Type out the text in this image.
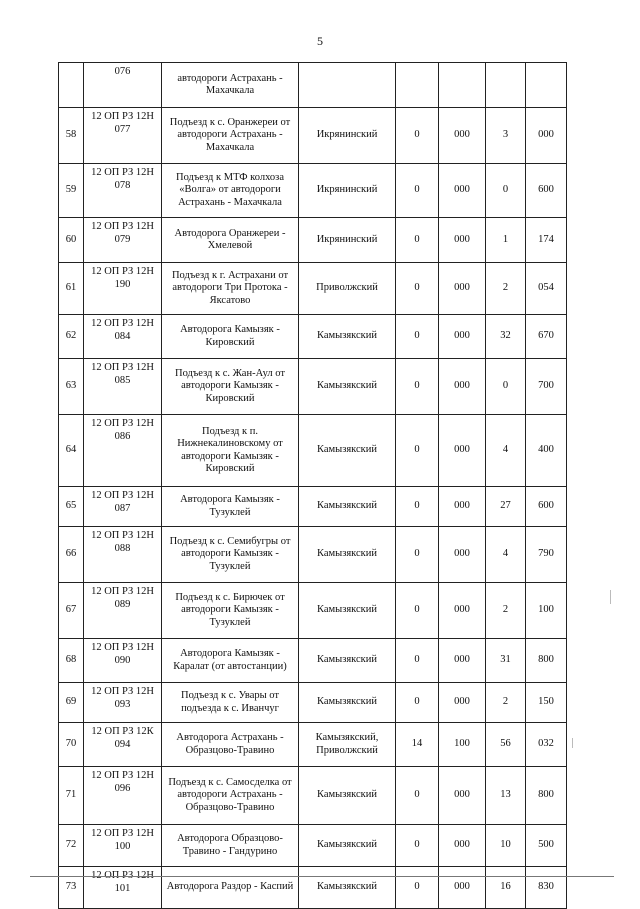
5
	076	автодороги Астрахань - Махачкала					
58	12 ОП РЗ 12Н 077	Подъезд к с. Оранжереи от автодороги Астрахань - Махачкала	Икрянинский	0	000	3	000
59	12 ОП РЗ 12Н 078	Подъезд к МТФ колхоза «Волга» от автодороги Астрахань - Махачкала	Икрянинский	0	000	0	600
60	12 ОП РЗ 12Н 079	Автодорога Оранжереи - Хмелевой	Икрянинский	0	000	1	174
61	12 ОП РЗ 12Н 190	Подъезд к г. Астрахани от автодороги Три Протока - Яксатово	Приволжский	0	000	2	054
62	12 ОП РЗ 12Н 084	Автодорога Камызяк - Кировский	Камызякский	0	000	32	670
63	12 ОП РЗ 12Н 085	Подъезд к с. Жан-Аул от автодороги Камызяк - Кировский	Камызякский	0	000	0	700
64	12 ОП РЗ 12Н 086	Подъезд к п. Нижнекалиновскому от автодороги Камызяк - Кировский	Камызякский	0	000	4	400
65	12 ОП РЗ 12Н 087	Автодорога Камызяк - Тузуклей	Камызякский	0	000	27	600
66	12 ОП РЗ 12Н 088	Подъезд к с. Семибугры от автодороги Камызяк - Тузуклей	Камызякский	0	000	4	790
67	12 ОП РЗ 12Н 089	Подъезд к с. Бирючек от автодороги Камызяк - Тузуклей	Камызякский	0	000	2	100
68	12 ОП РЗ 12Н 090	Автодорога Камызяк - Каралат (от автостанции)	Камызякский	0	000	31	800
69	12 ОП РЗ 12Н 093	Подъезд к с. Увары от подъезда к с. Иванчуг	Камызякский	0	000	2	150
70	12 ОП РЗ 12К 094	Автодорога Астрахань - Образцово-Травино	Камызякский, Приволжский	14	100	56	032
71	12 ОП РЗ 12Н 096	Подъезд к с. Самосделка от автодороги Астрахань - Образцово-Травино	Камызякский	0	000	13	800
72	12 ОП РЗ 12Н 100	Автодорога Образцово-Травино - Гандурино	Камызякский	0	000	10	500
73	101	Автодорога Раздор - Каспий	Камызякский	0	000	16	830
